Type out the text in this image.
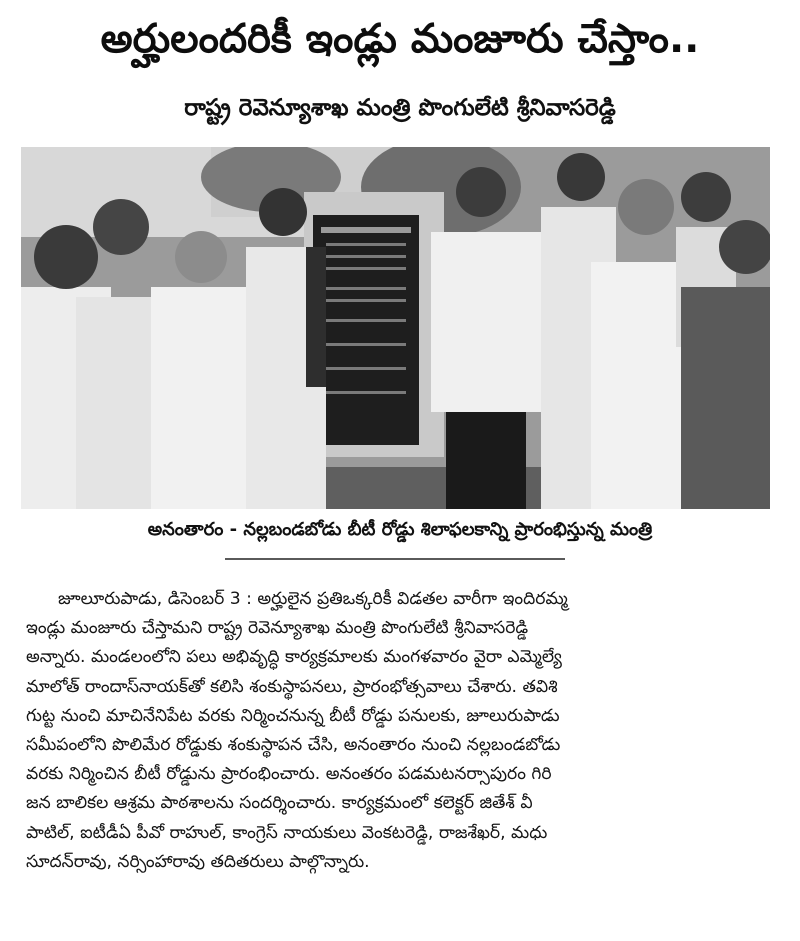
అర్హులందరికీ ఇండ్లు మంజూరు చేస్తాం..
రాష్ట్ర రెవెన్యూశాఖ మంత్రి పొంగులేటి శ్రీనివాసరెడ్డి
అనంతారం - నల్లబండబోడు బీటీ రోడ్డు శిలాఫలకాన్ని ప్రారంభిస్తున్న మంత్రి
జూలూరుపాడు, డిసెంబర్ 3 : అర్హులైన ప్రతిఒక్కరికీ విడతల వారీగా ఇందిరమ్మ
ఇండ్లు మంజూరు చేస్తామని రాష్ట్ర రెవెన్యూశాఖ మంత్రి పొంగులేటి శ్రీనివాసరెడ్డి
అన్నారు. మండలంలోని పలు అభివృద్ధి కార్యక్రమాలకు మంగళవారం వైరా ఎమ్మెల్యే
మాలోత్ రాందాస్‌నాయక్‌తో కలిసి శంకుస్థాపనలు, ప్రారంభోత్సవాలు చేశారు. తవిశి
గుట్ట నుంచి మాచినేనిపేట వరకు నిర్మించనున్న బీటీ రోడ్డు పనులకు, జూలురుపాడు
సమీపంలోని పొలిమేర రోడ్డుకు శంకుస్థాపన చేసి, అనంతారం నుంచి నల్లబండబోడు
వరకు నిర్మించిన బీటీ రోడ్డును ప్రారంభించారు. అనంతరం పడమటనర్సాపురం గిరి
జన బాలికల ఆశ్రమ పాఠశాలను సందర్శించారు. కార్యక్రమంలో కలెక్టర్ జితేశ్ వీ
పాటిల్, ఐటీడీఏ పీవో రాహుల్, కాంగ్రెస్ నాయకులు వెంకటరెడ్డి, రాజశేఖర్, మధు
సూదన్‌రావు, నర్సింహారావు తదితరులు పాల్గొన్నారు.
